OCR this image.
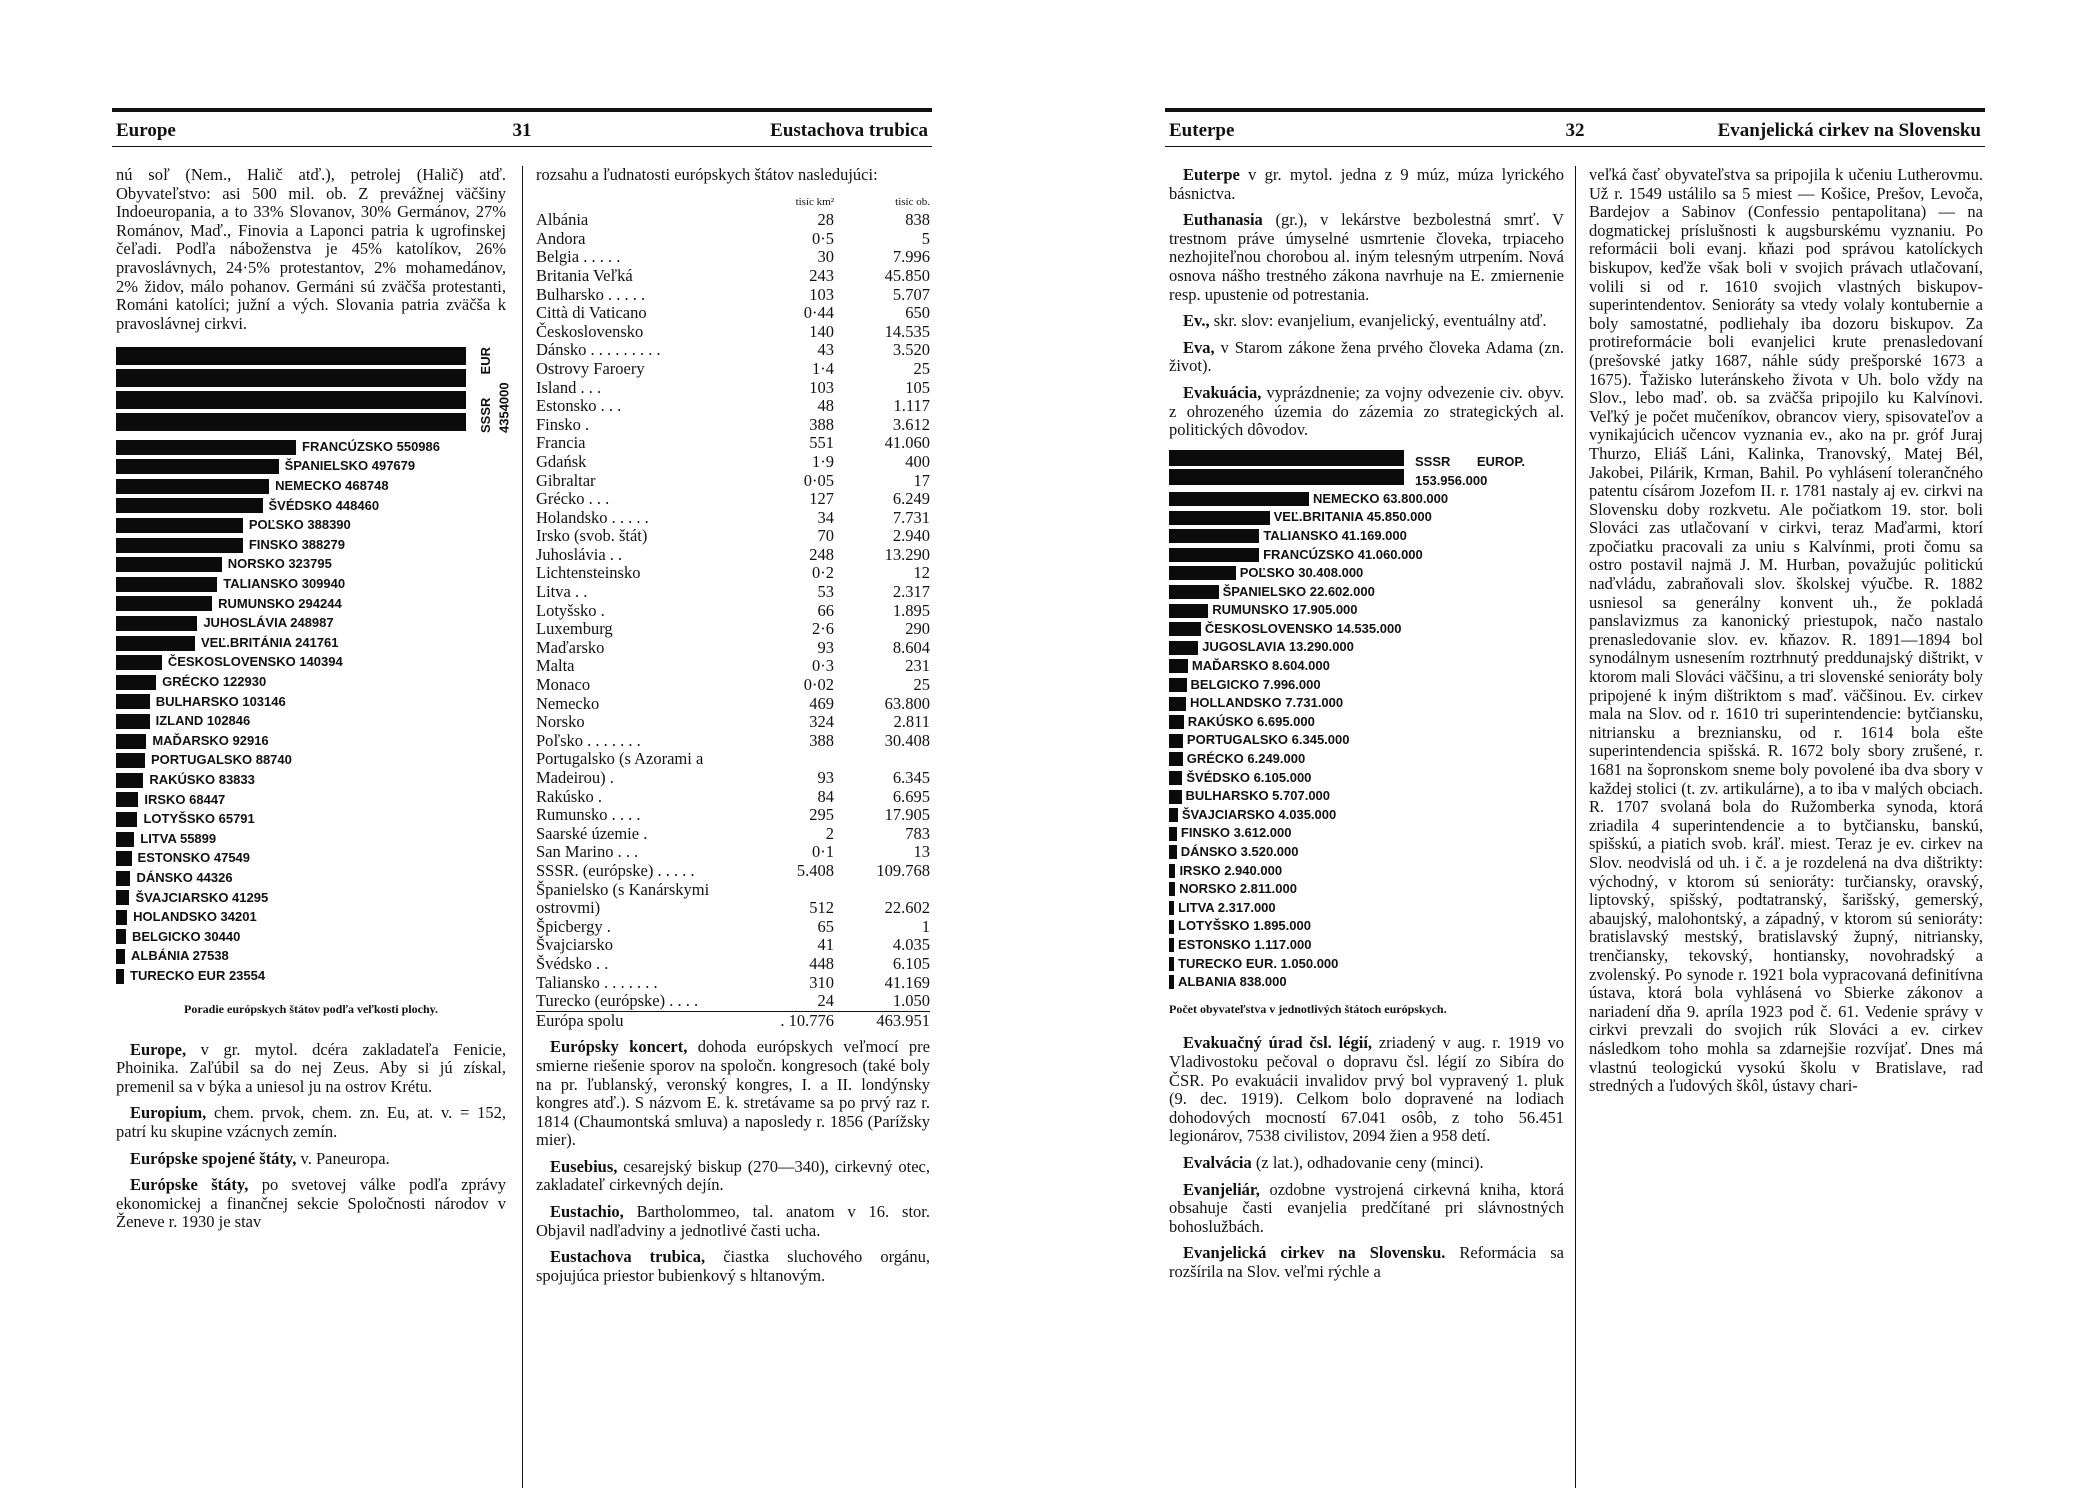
Europe	31	Eustachova trubica

nú soľ (Nem., Halič atď.), petrolej (Halič) atď. Obyvateľstvo: asi 500 mil. ob. Z prevážnej väčšiny Indoeuropania, a to 33% Slovanov, 30% Germánov, 27% Románov, Maď., Finovia a Laponci patria k ugrofinskej čeľadi. Podľa náboženstva je 45% katolíkov, 26% pravoslávnych, 24·5% protestantov, 2% mohamedánov, 2% židov, málo pohanov. Germáni sú zväčša protestanti, Románi katolíci; južní a vých. Slovania patria zväčša k pravoslávnej cirkvi.

SSSR EUR 4354000
FRANCÚZSKO 550986
ŠPANIELSKO 497679
NEMECKO 468748
ŠVÉDSKO 448460
POĽSKO 388390
FINSKO 388279
NORSKO 323795
TALIANSKO 309940
RUMUNSKO 294244
JUHOSLÁVIA 248987
VEĽ.BRITÁNIA 241761
ČESKOSLOVENSKO 140394
GRÉCKO 122930
BULHARSKO 103146
IZLAND 102846
MAĎARSKO 92916
PORTUGALSKO 88740
RAKÚSKO 83833
IRSKO 68447
LOTYŠSKO 65791
LITVA 55899
ESTONSKO 47549
DÁNSKO 44326
ŠVAJCIARSKO 41295
HOLANDSKO 34201
BELGICKO 30440
ALBÁNIA 27538
TURECKO EUR 23554
Poradie európskych štátov podľa veľkosti plochy.

Europe, v gr. mytol. dcéra zakladateľa Fenicie, Phoinika. Zaľúbil sa do nej Zeus. Aby si jú získal, premenil sa v býka a uniesol ju na ostrov Krétu.

Europium, chem. prvok, chem. zn. Eu, at. v. = 152, patrí ku skupine vzácnych zemín.

Európske spojené štáty, v. Paneuropa.

Európske štáty, po svetovej válke podľa zprávy ekonomickej a finančnej sekcie Spoločnosti národov v Ženeve r. 1930 je stav

rozsahu a ľudnatosti európskych štátov nasledujúci:

	tisíc km²	tisíc ob.
Albánia	28	838
Andora	0·5	5
Belgia . . . . .	30	7.996
Britania Veľká	243	45.850
Bulharsko . . . . .	103	5.707
Città di Vaticano	0·44	650
Československo	140	14.535
Dánsko . . . . . . . . .	43	3.520
Ostrovy Faroery	1·4	25
Island . . .	103	105
Estonsko . . .	48	1.117
Finsko .	388	3.612
Francia	551	41.060
Gdańsk	1·9	400
Gibraltar	0·05	17
Grécko . . .	127	6.249
Holandsko . . . . .	34	7.731
Irsko (svob. štát)	70	2.940
Juhoslávia . .	248	13.290
Lichtensteinsko	0·2	12
Litva . .	53	2.317
Lotyšsko .	66	1.895
Luxemburg	2·6	290
Maďarsko	93	8.604
Malta	0·3	231
Monaco	0·02	25
Nemecko	469	63.800
Norsko	324	2.811
Poľsko . . . . . . .	388	30.408
Portugalsko (s Azorami a		
Madeirou) .	93	6.345
Rakúsko .	84	6.695
Rumunsko . . . .	295	17.905
Saarské územie .	2	783
San Marino . . .	0·1	13
SSSR. (európske) . . . . .	5.408	109.768
Španielsko (s Kanárskymi		
ostrovmi)	512	22.602
Špicbergy .	65	1
Švajciarsko	41	4.035
Švédsko . .	448	6.105
Taliansko . . . . . . .	310	41.169
Turecko (európske) . . . .	24	1.050
Európa spolu	. 10.776	463.951

Európsky koncert, dohoda európskych veľmocí pre smierne riešenie sporov na spoločn. kongresoch (také boly na pr. ľublanský, veronský kongres, I. a II. londýnsky kongres atď.). S názvom E. k. stretávame sa po prvý raz r. 1814 (Chaumontská smluva) a naposledy r. 1856 (Parížsky mier).

Eusebius, cesarejský biskup (270—340), cirkevný otec, zakladateľ cirkevných dejín.

Eustachio, Bartholommeo, tal. anatom v 16. stor. Objavil nadľadviny a jednotlivé časti ucha.

Eustachova trubica, čiastka sluchového orgánu, spojujúca priestor bubienkový s hltanovým.

Euterpe	32	Evanjelická cirkev na Slovensku

Euterpe v gr. mytol. jedna z 9 múz, múza lyrického básnictva.

Euthanasia (gr.), v lekárstve bezbolestná smrť. V trestnom práve úmyselné usmrtenie človeka, trpiaceho nezhojiteľnou chorobou al. iným telesným utrpením. Nová osnova nášho trestného zákona navrhuje na E. zmiernenie resp. upustenie od potrestania.

Ev., skr. slov: evanjelium, evanjelický, eventuálny atď.

Eva, v Starom zákone žena prvého človeka Adama (zn. život).

Evakuácia, vyprázdnenie; za vojny odvezenie civ. obyv. z ohrozeného územia do zázemia zo strategických al. politických dôvodov.

SSSR EUROP. 153.956.000
NEMECKO 63.800.000
VEĽ.BRITANIA 45.850.000
TALIANSKO 41.169.000
FRANCÚZSKO 41.060.000
POĽSKO 30.408.000
ŠPANIELSKO 22.602.000
RUMUNSKO 17.905.000
ČESKOSLOVENSKO 14.535.000
JUGOSLAVIA 13.290.000
MAĎARSKO 8.604.000
BELGICKO 7.996.000
HOLLANDSKO 7.731.000
RAKÚSKO 6.695.000
PORTUGALSKO 6.345.000
GRÉCKO 6.249.000
ŠVÉDSKO 6.105.000
BULHARSKO 5.707.000
ŠVAJCIARSKO 4.035.000
FINSKO 3.612.000
DÁNSKO 3.520.000
IRSKO 2.940.000
NORSKO 2.811.000
LITVA 2.317.000
LOTYŠSKO 1.895.000
ESTONSKO 1.117.000
TURECKO EUR. 1.050.000
ALBANIA 838.000
Počet obyvateľstva v jednotlivých štátoch európskych.

Evakuačný úrad čsl. légií, zriadený v aug. r. 1919 vo Vladivostoku pečoval o dopravu čsl. légií zo Sibíra do ČSR. Po evakuácii invalidov prvý bol vypravený 1. pluk (9. dec. 1919). Celkom bolo dopravené na lodiach dohodových mocností 67.041 osôb, z toho 56.451 legionárov, 7538 civilistov, 2094 žien a 958 detí.

Evalvácia (z lat.), odhadovanie ceny (minci).

Evanjeliár, ozdobne vystrojená cirkevná kniha, ktorá obsahuje časti evanjelia predčítané pri slávnostných bohoslužbách.

Evanjelická cirkev na Slovensku. Reformácia sa rozšírila na Slov. veľmi rýchle a

veľká časť obyvateľstva sa pripojila k učeniu Lutherovmu. Už r. 1549 ustálilo sa 5 miest — Košice, Prešov, Levoča, Bardejov a Sabinov (Confessio pentapolitana) — na dogmatickej príslušnosti k augsburskému vyznaniu. Po reformácii boli evanj. kňazi pod správou katolíckych biskupov, keďže však boli v svojich právach utlačovaní, volili si od r. 1610 svojich vlastných biskupov-superintendentov. Senioráty sa vtedy volaly kontubernie a boly samostatné, podliehaly iba dozoru biskupov. Za protireformácie boli evanjelici krute prenasledovaní (prešovské jatky 1687, náhle súdy prešporské 1673 a 1675). Ťažisko luteránskeho života v Uh. bolo vždy na Slov., lebo maď. ob. sa zväčša pripojilo ku Kalvínovi. Veľký je počet mučeníkov, obrancov viery, spisovateľov a vynikajúcich učencov vyznania ev., ako na pr. gróf Juraj Thurzo, Eliáš Láni, Kalinka, Tranovský, Matej Bél, Jakobei, Pilárik, Krman, Bahil. Po vyhlásení tolerančného patentu císárom Jozefom II. r. 1781 nastaly aj ev. cirkvi na Slovensku doby rozkvetu. Ale počiatkom 19. stor. boli Slováci zas utlačovaní v cirkvi, teraz Maďarmi, ktorí zpočiatku pracovali za uniu s Kalvínmi, proti čomu sa ostro postavil najmä J. M. Hurban, považujúc politickú naďvládu, zabraňovali slov. školskej výučbe. R. 1882 usniesol sa generálny konvent uh., že pokladá panslavizmus za kanonický priestupok, načo nastalo prenasledovanie slov. ev. kňazov. R. 1891—1894 bol synodálnym usnesením roztrhnutý preddunajský dištrikt, v ktorom mali Slováci väčšinu, a tri slovenské senioráty boly pripojené k iným dištriktom s maď. väčšinou. Ev. cirkev mala na Slov. od r. 1610 tri superintendencie: bytčiansku, nitriansku a brezniansku, od r. 1614 bola ešte superintendencia spišská. R. 1672 boly sbory zrušené, r. 1681 na šopronskom sneme boly povolené iba dva sbory v každej stolici (t. zv. artikulárne), a to iba v malých obciach. R. 1707 svolaná bola do Ružomberka synoda, ktorá zriadila 4 superintendencie a to bytčiansku, banskú, spišskú, a piatich svob. kráľ. miest. Teraz je ev. cirkev na Slov. neodvislá od uh. i č. a je rozdelená na dva dištrikty: východný, v ktorom sú senioráty: turčiansky, oravský, liptovský, spišský, podtatranský, šarišský, gemerský, abaujský, malohontský, a západný, v ktorom sú senioráty: bratislavský mestský, bratislavský župný, nitriansky, trenčiansky, tekovský, hontiansky, novohradský a zvolenský. Po synode r. 1921 bola vypracovaná definitívna ústava, ktorá bola vyhlásená vo Sbierke zákonov a nariadení dňa 9. apríla 1923 pod č. 61. Vedenie správy v cirkvi prevzali do svojich rúk Slováci a ev. cirkev následkom toho mohla sa zdarnejšie rozvíjať. Dnes má vlastnú teologickú vysokú školu v Bratislave, rad stredných a ľudových škôl, ústavy chari-
